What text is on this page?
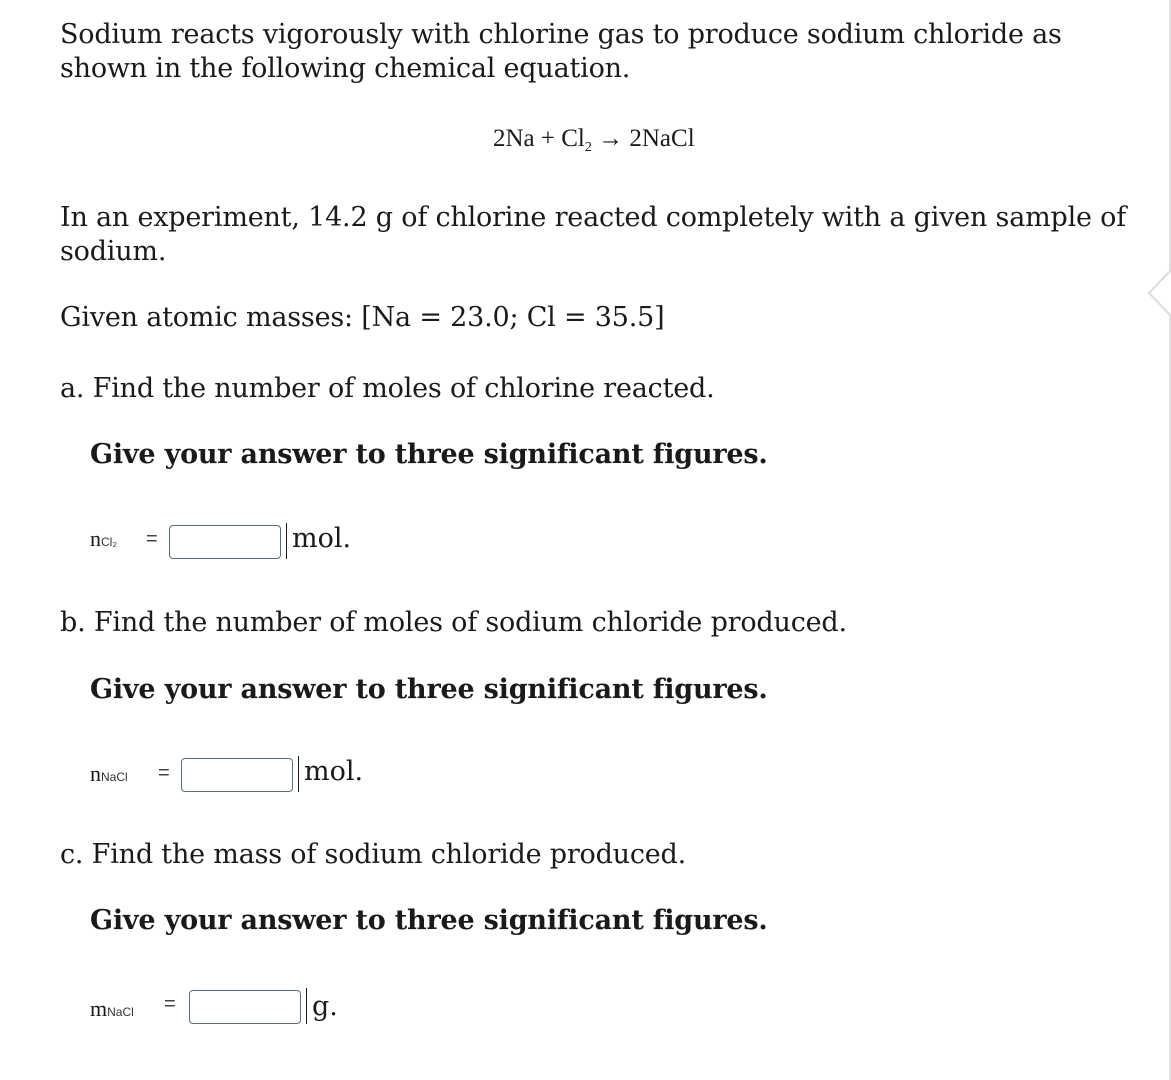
Sodium reacts vigorously with chlorine gas to produce sodium chloride as shown in the following chemical equation.
$2Na + Cl_2$ → 2NaCl
In an experiment, 14.2 g of chlorine reacted completely with a given sample of sodium.
Given atomic masses: [Na = 23.0; Cl = 35.5]
a. Find the number of moles of chlorine reacted.
Give your answer to three significant figures.
nCl₂ =	mol.
b. Find the number of moles of sodium chloride produced.
Give your answer to three significant figures.
nNaCl =	mol.
c. Find the mass of sodium chloride produced.
Give your answer to three significant figures.
mNaCl =	g.
